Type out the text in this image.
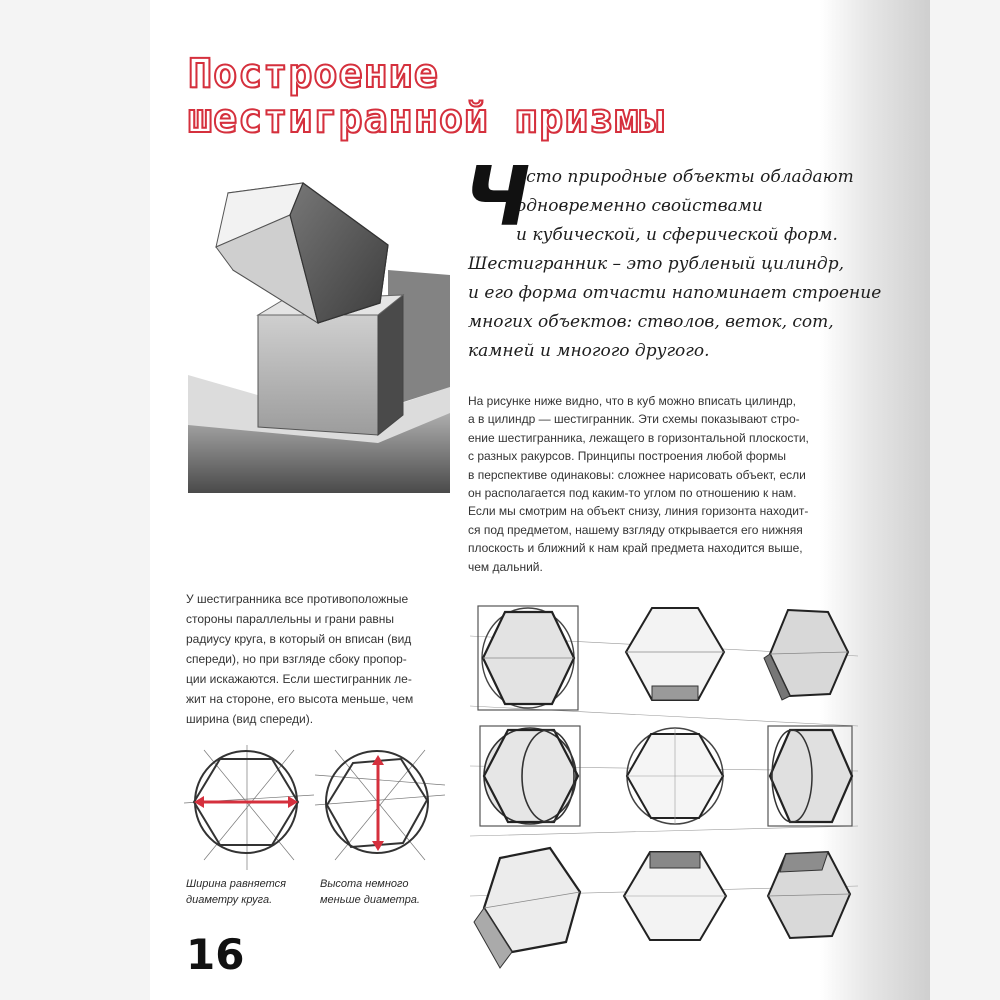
Построение
шестигранной призмы
Ч
асто природные объекты обладают
одновременно свойствами
и кубической, и сферической форм.
Шестигранник – это рубленый цилиндр,
и его форма отчасти напоминает строение
многих объектов: стволов, веток, сот,
камней и многого другого.
На рисунке ниже видно, что в куб можно вписать цилиндр,
а в цилиндр — шестигранник. Эти схемы показывают стро-
ение шестигранника, лежащего в горизонтальной плоскости,
с разных ракурсов. Принципы построения любой формы
в перспективе одинаковы: сложнее нарисовать объект, если
он располагается под каким-то углом по отношению к нам.
Если мы смотрим на объект снизу, линия горизонта находит-
ся под предметом, нашему взгляду открывается его нижняя
плоскость и ближний к нам край предмета находится выше,
чем дальний.
У шестигранника все противоположные
стороны параллельны и грани равны
радиусу круга, в который он вписан (вид
спереди), но при взгляде сбоку пропор-
ции искажаются. Если шестигранник ле-
жит на стороне, его высота меньше, чем
ширина (вид спереди).
Ширина равняется
диаметру круга.
Высота немного
меньше диаметра.
16
